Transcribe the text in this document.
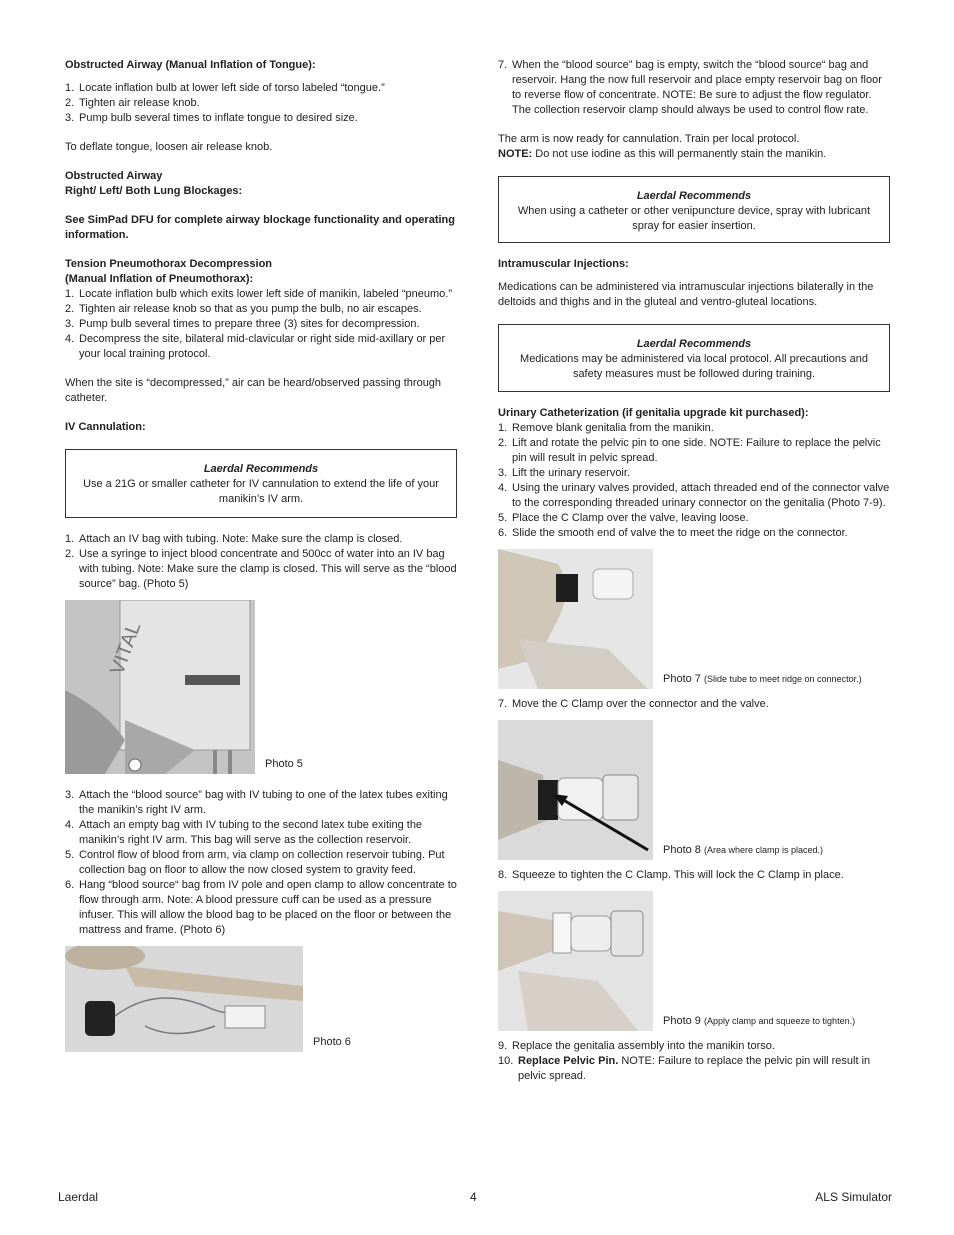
Obstructed Airway (Manual Inflation of Tongue):

1. Locate inflation bulb at lower left side of torso labeled “tongue.”
2. Tighten air release knob.
3. Pump bulb several times to inflate tongue to desired size.

To deflate tongue, loosen air release knob.

Obstructed Airway

Right/ Left/ Both Lung Blockages:

See SimPad DFU for complete airway blockage functionality and operating information.

Tension Pneumothorax Decompression

(Manual Inflation of Pneumothorax):

1. Locate inflation bulb which exits lower left side of manikin, labeled “pneumo.”
2. Tighten air release knob so that as you pump the bulb, no air escapes.
3. Pump bulb several times to prepare three (3) sites for decompression.
4. Decompress the site, bilateral mid-clavicular or right side mid-axillary or per your local training protocol.

When the site is “decompressed,” air can be heard/observed passing through catheter.

IV Cannulation:

Laerdal Recommends

Use a 21G or smaller catheter for IV cannulation to extend the life of your manikin’s IV arm.

1. Attach an IV bag with tubing. Note: Make sure the clamp is closed.
2. Use a syringe to inject blood concentrate and 500cc of water into an IV bag with tubing. Note: Make sure the clamp is closed. This will serve as the “blood source” bag. (Photo 5)
VITAL
Photo 5
3. Attach the “blood source” bag with IV tubing to one of the latex tubes exiting the manikin’s right IV arm.
4. Attach an empty bag with IV tubing to the second latex tube exiting the manikin’s right IV arm. This bag will serve as the collection reservoir.
5. Control flow of blood from arm, via clamp on collection reservoir tubing. Put collection bag on floor to allow the now closed system to gravity feed.
6. Hang “blood source“ bag from IV pole and open clamp to allow concentrate to flow through arm. Note: A blood pressure cuff can be used as a pressure infuser. This will allow the blood bag to be placed on the floor or between the mattress and frame. (Photo 6)
Photo 6
7. When the “blood source” bag is empty, switch the “blood source“ bag and reservoir. Hang the now full reservoir and place empty reservoir bag on floor to reverse flow of concentrate. NOTE: Be sure to adjust the flow regulator. The collection reservoir clamp should always be used to control flow rate.

The arm is now ready for cannulation. Train per local protocol.

NOTE: Do not use iodine as this will permanently stain the manikin.

Laerdal Recommends

When using a catheter or other venipuncture device, spray with lubricant spray for easier insertion.

Intramuscular Injections:

Medications can be administered via intramuscular injections bilaterally in the deltoids and thighs and in the gluteal and ventro-gluteal locations.

Laerdal Recommends

Medications may be administered via local protocol. All precautions and safety measures must be followed during training.

Urinary Catheterization (if genitalia upgrade kit purchased):

1. Remove blank genitalia from the manikin.
2. Lift and rotate the pelvic pin to one side. NOTE: Failure to replace the pelvic pin will result in pelvic spread.
3. Lift the urinary reservoir.
4. Using the urinary valves provided, attach threaded end of the connector valve to the corresponding threaded urinary connector on the genitalia (Photo 7-9).
5. Place the C Clamp over the valve, leaving loose.
6. Slide the smooth end of valve the to meet the ridge on the connector.
Photo 7 (Slide tube to meet ridge on connector.)
7. Move the C Clamp over the connector and the valve.
Photo 8 (Area where clamp is placed.)
8. Squeeze to tighten the C Clamp. This will lock the C Clamp in place.
Photo 9 (Apply clamp and squeeze to tighten.)
9. Replace the genitalia assembly into the manikin torso.
10. Replace Pelvic Pin. NOTE: Failure to replace the pelvic pin will result in pelvic spread.
Laerdal	4	ALS Simulator
